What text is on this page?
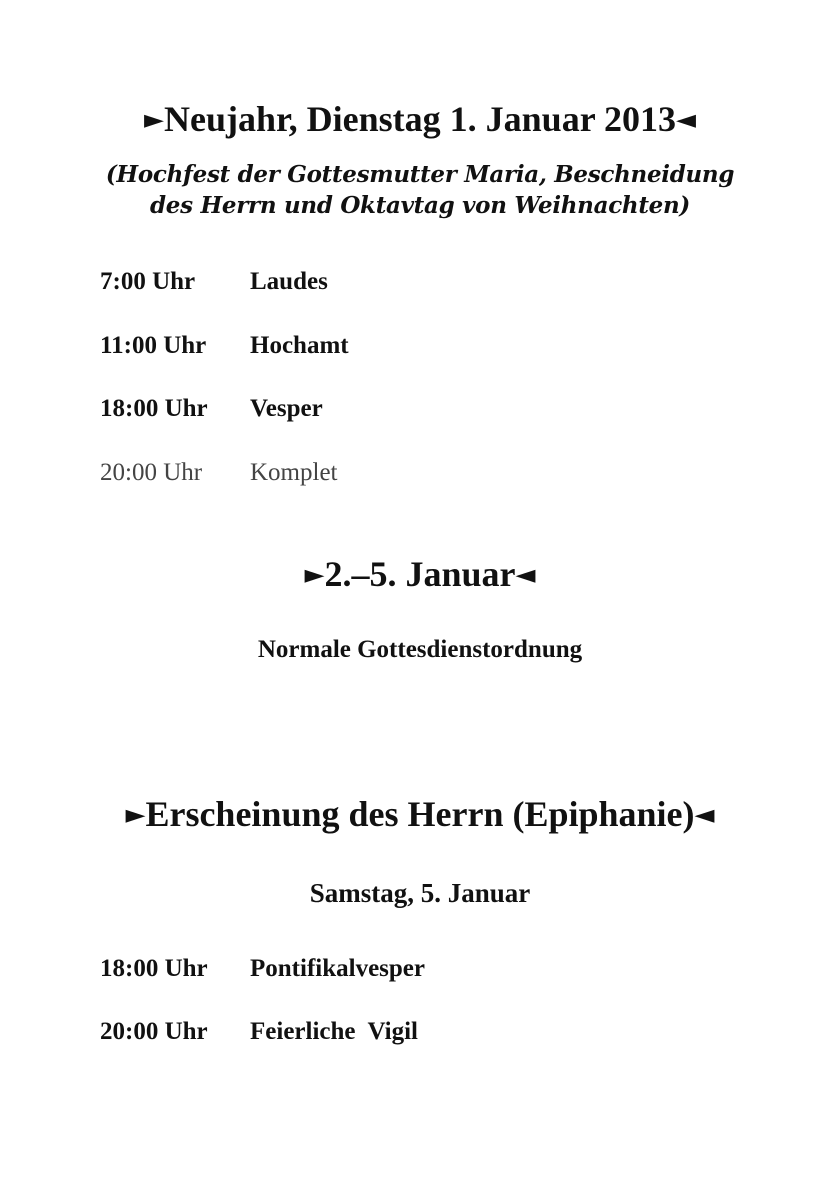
►Neujahr, Dienstag 1. Januar 2013◄
(Hochfest der Gottesmutter Maria, Beschneidung
des Herrn und Oktavtag von Weihnachten)
7:00 Uhr Laudes
11:00 Uhr Hochamt
18:00 Uhr Vesper
20:00 Uhr Komplet
►2.–5. Januar◄
Normale Gottesdienstordnung
►Erscheinung des Herrn (Epiphanie)◄
Samstag, 5. Januar
18:00 Uhr Pontifikalvesper
20:00 Uhr Feierliche  Vigil
